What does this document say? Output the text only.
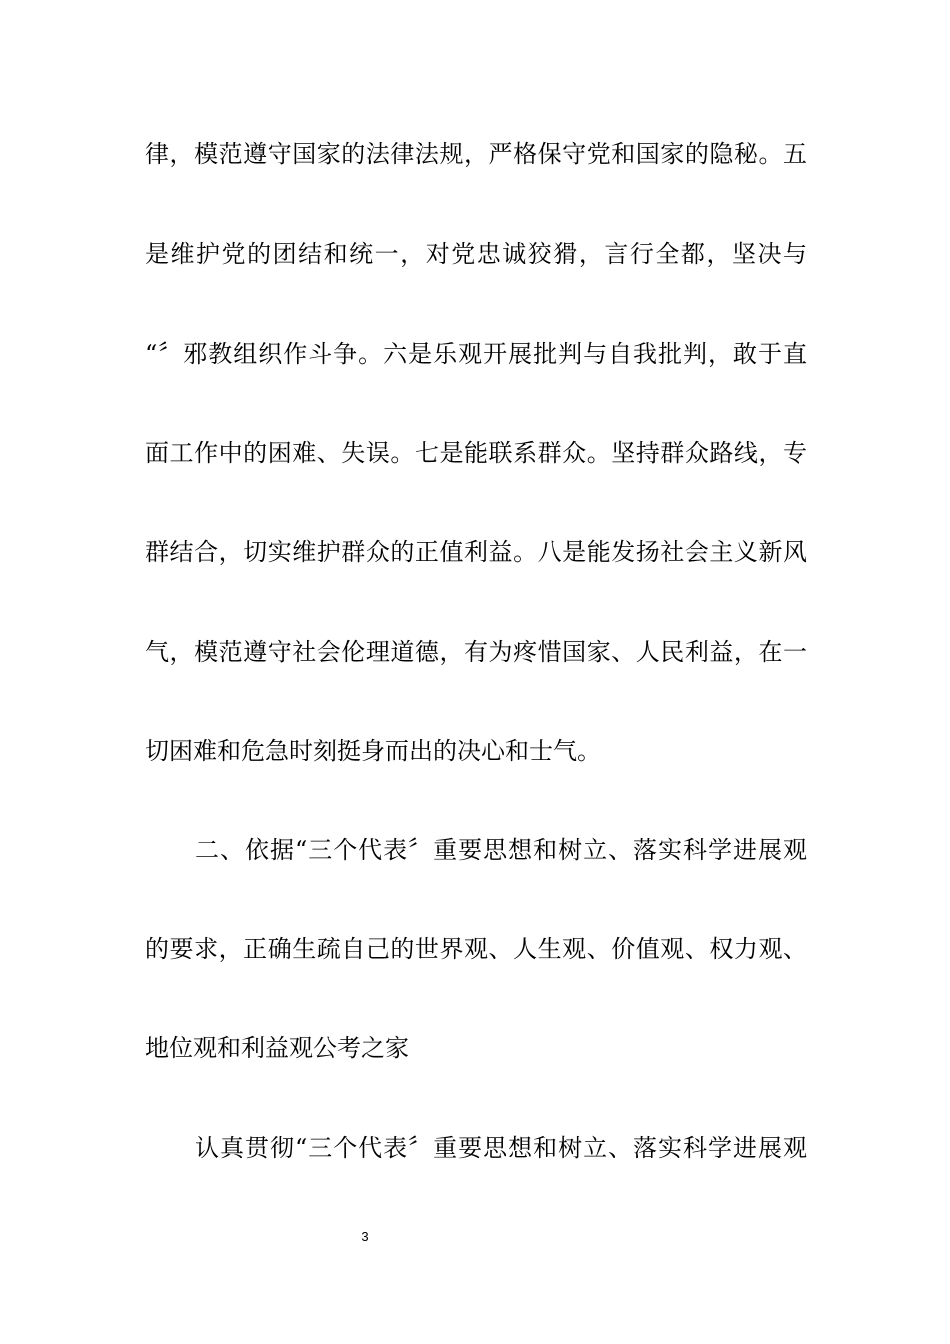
律，模范遵守国家的法律法规，严格保守党和国家的隐秘。五
是维护党的团结和统一，对党忠诚狡猾，言行全都，坚决与
“〞邪教组织作斗争。六是乐观开展批判与自我批判，敢于直
面工作中的困难、失误。七是能联系群众。坚持群众路线，专
群结合，切实维护群众的正值利益。八是能发扬社会主义新风
气，模范遵守社会伦理道德，有为疼惜国家、人民利益，在一
切困难和危急时刻挺身而出的决心和士气。
二、依据“三个代表〞重要思想和树立、落实科学进展观
的要求，正确生疏自己的世界观、人生观、价值观、权力观、
地位观和利益观公考之家
认真贯彻“三个代表〞重要思想和树立、落实科学进展观
3
